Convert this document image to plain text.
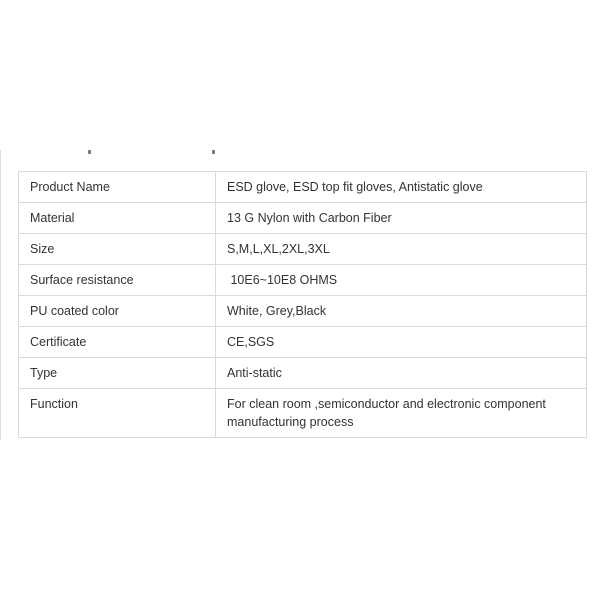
Product Name	ESD glove, ESD top fit gloves, Antistatic glove
Material	13 G Nylon with Carbon Fiber
Size	S,M,L,XL,2XL,3XL
Surface resistance	10E6~10E8 OHMS
PU coated color	White, Grey,Black
Certificate	CE,SGS
Type	Anti-static
Function	For clean room ,semiconductor and electronic component manufacturing process
